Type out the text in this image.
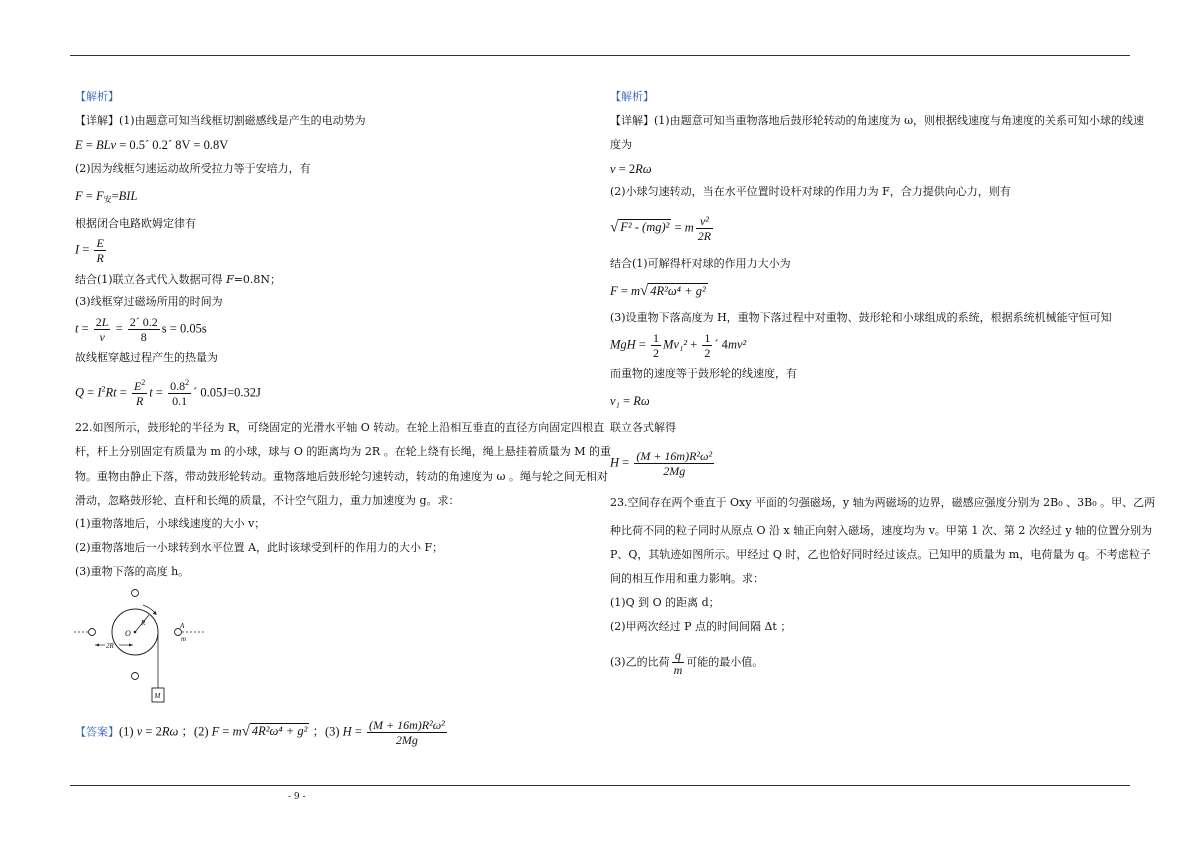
【解析】
【详解】(1)由题意可知当线框切割磁感线是产生的电动势为
E = BLv = 0.5´ 0.2´ 8V = 0.8V
(2)因为线框匀速运动故所受拉力等于安培力，有
$F = F_安=BIL$
根据闭合电路欧姆定律有
$I = \frac{E}{R}$
结合(1)联立各式代入数据可得 F=0.8N；
(3)线框穿过磁场所用的时间为
$t = \frac{2L}{v} = \frac{2´ 0.2}{8}$ s = 0.05s
故线框穿越过程产生的热量为
$Q = I^2Rt = \frac{E^2}{R}$ $t = \frac{0.8^2}{0.1}$ ´ 0.05J=0.32J
22.如图所示，鼓形轮的半径为 R，可绕固定的光滑水平轴 O 转动。在轮上沿相互垂直的直径方向固定四根直
杆，杆上分别固定有质量为 m 的小球，球与 O 的距离均为 2R 。在轮上绕有长绳，绳上悬挂着质量为 M 的重
物。重物由静止下落，带动鼓形轮转动。重物落地后鼓形轮匀速转动，转动的角速度为 ω 。绳与轮之间无相对
滑动，忽略鼓形轮、直杆和长绳的质量，不计空气阻力，重力加速度为 g。求：
(1)重物落地后，小球线速度的大小 v；
(2)重物落地后一小球转到水平位置 A，此时该球受到杆的作用力的大小 F；
(3)重物下落的高度 h。
O
R
2R
A
m
M
【答案】(1) v = 2Rω ；(2) F = m√ 4R²ω⁴ + g² ；(3) $H = \frac{\text{(M + 16m)R²ω²}}{2Mg}$
【解析】
【详解】(1)由题意可知当重物落地后鼓形轮转动的角速度为 ω，则根据线速度与角速度的关系可知小球的线速
度为
v = 2Rω
(2)小球匀速转动，当在水平位置时设杆对球的作用力为 F，合力提供向心力，则有
√ F² - (mg)² = m $\frac{\text{v²}}{2R}$
结合(1)可解得杆对球的作用力大小为
F = m√ 4R²ω⁴ + g²
(3)设重物下落高度为 H，重物下落过程中对重物、鼓形轮和小球组成的系统，根据系统机械能守恒可知
MgH = $\frac{1}{2} Mv_1^2 + \frac{1}{2}$ ´ 4mv²
而重物的速度等于鼓形轮的线速度，有
v₁ = Rω
联立各式解得
$H = \frac{\text{(M + 16m)R²ω²}}{2Mg}$
23.空间存在两个垂直于 Oxy 平面的匀强磁场，y 轴为两磁场的边界，磁感应强度分别为 2B₀ 、3B₀ 。甲、乙两
种比荷不同的粒子同时从原点 O 沿 x 轴正向射入磁场，速度均为 v。甲第 1 次、第 2 次经过 y 轴的位置分别为
P、Q，其轨迹如图所示。甲经过 Q 时，乙也恰好同时经过该点。已知甲的质量为 m，电荷量为 q。不考虑粒子
间的相互作用和重力影响。求：
(1)Q 到 O 的距离 d；
(2)甲两次经过 P 点的时间间隔 Δt ；
(3)乙的比荷 $\frac{q}{m}$ 可能的最小值。
- 9 -
